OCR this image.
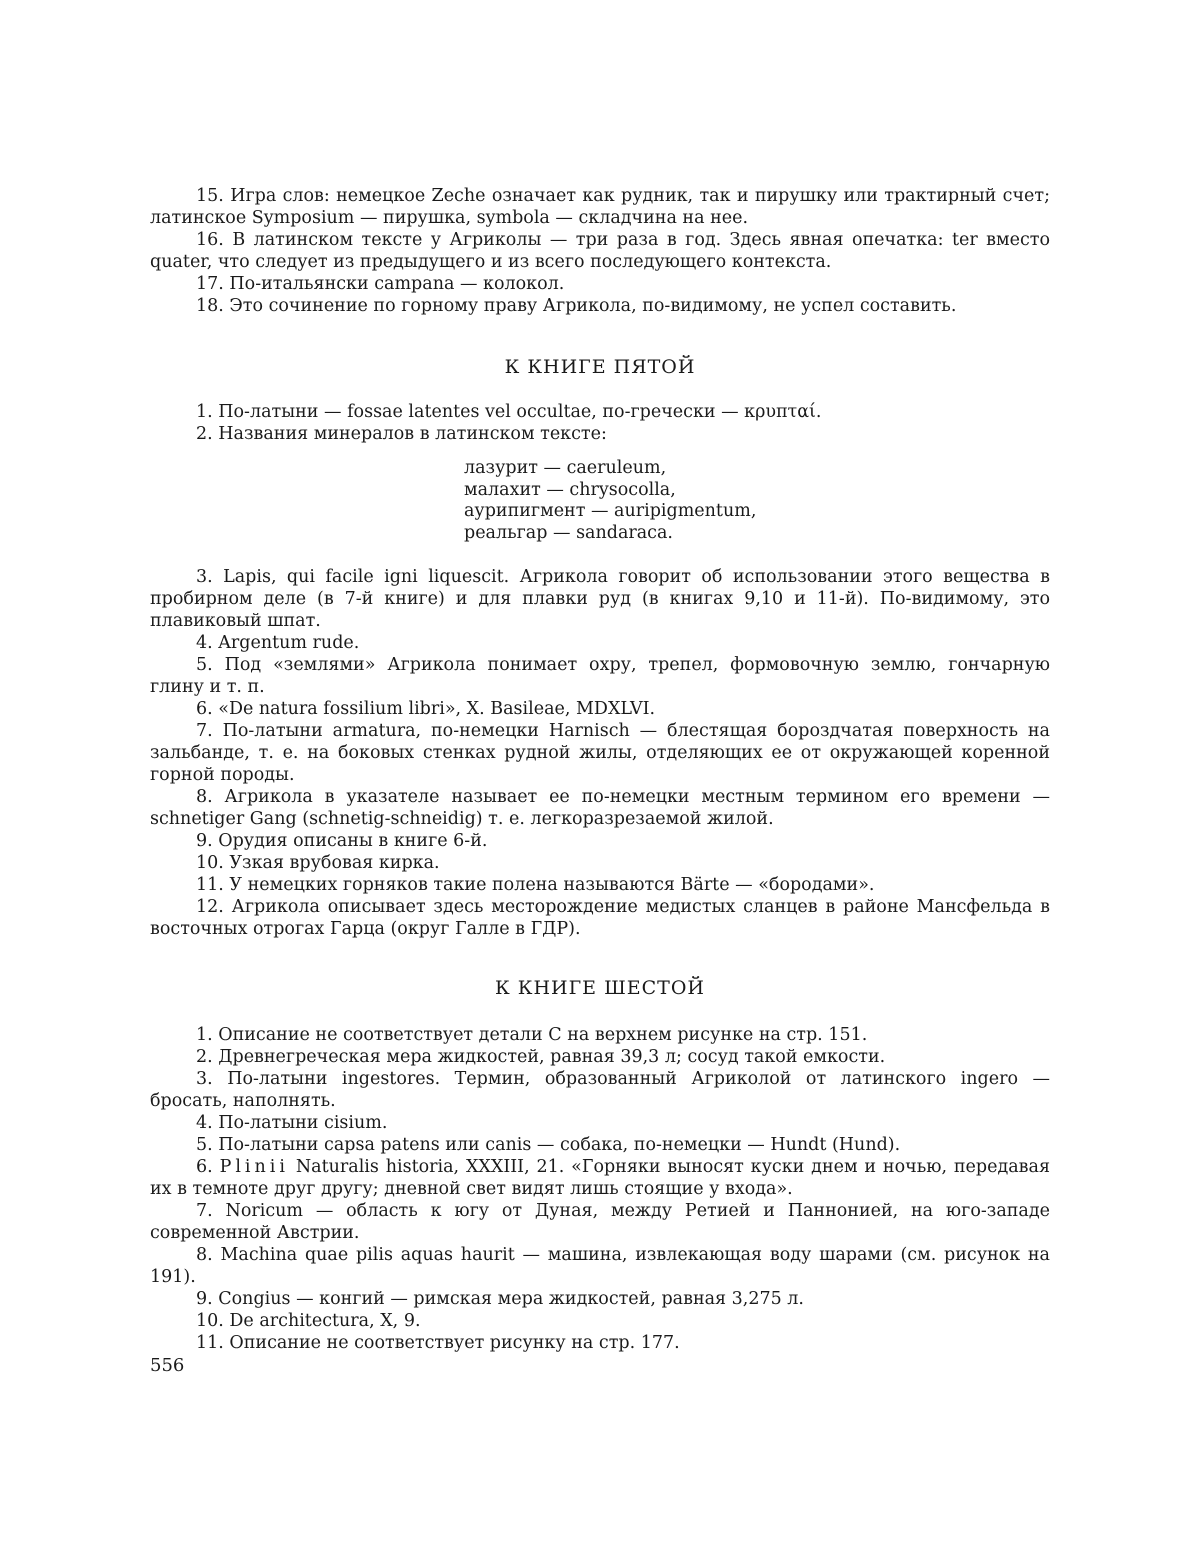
15. Игра слов: немецкое Zeche означает как рудник, так и пирушку или трактирный счет; латинское Symposium — пирушка, symbola — складчина на нее.

16. В латинском тексте у Агриколы — три раза в год. Здесь явная опечатка: ter вместо quater, что следует из предыдущего и из всего последующего контекста.

17. По-итальянски campana — колокол.

18. Это сочинение по горному праву Агрикола, по-видимому, не успел составить.

К КНИГЕ ПЯТОЙ

1. По-латыни — fossae latentes vel occultae, по-гречески — κρυπταί.

2. Названия минералов в латинском тексте:

лазурит — caeruleum,

малахит — chrysocolla,

аурипигмент — auripigmentum,

реальгар — sandaraca.

3. Lapis, qui facile igni liquescit. Агрикола говорит об использовании этого вещества в пробирном деле (в 7-й книге) и для плавки руд (в книгах 9,10 и 11-й). По-видимому, это плавиковый шпат.

4. Argentum rude.

5. Под «землями» Агрикола понимает охру, трепел, формовочную землю, гончарную глину и т. п.

6. «De natura fossilium libri», X. Basileae, MDXLVI.

7. По-латыни armatura, по-немецки Harnisch — блестящая бороздчатая поверхность на зальбанде, т. е. на боковых стенках рудной жилы, отделяющих ее от окружающей коренной горной породы.

8. Агрикола в указателе называет ее по-немецки местным термином его времени — schnetiger Gang (schnetig-schneidig) т. е. легкоразрезаемой жилой.

9. Орудия описаны в книге 6-й.

10. Узкая врубовая кирка.

11. У немецких горняков такие полена называются Bärte — «бородами».

12. Агрикола описывает здесь месторождение медистых сланцев в районе Мансфельда в восточных отрогах Гарца (округ Галле в ГДР).

К КНИГЕ ШЕСТОЙ

1. Описание не соответствует детали C на верхнем рисунке на стр. 151.

2. Древнегреческая мера жидкостей, равная 39,3 л; сосуд такой емкости.

3. По-латыни ingestores. Термин, образованный Агриколой от латинского ingero — бросать, наполнять.

4. По-латыни cisium.

5. По-латыни capsa patens или canis — собака, по-немецки — Hundt (Hund).

6. Plinii Naturalis historia, XXXIII, 21. «Горняки выносят куски днем и ночью, передавая их в темноте друг другу; дневной свет видят лишь стоящие у входа».

7. Noricum — область к югу от Дуная, между Ретией и Паннонией, на юго-западе современной Австрии.

8. Machina quae pilis aquas haurit — машина, извлекающая воду шарами (см. рисунок на 191).

9. Congius — конгий — римская мера жидкостей, равная 3,275 л.

10. De architectura, X, 9.

11. Описание не соответствует рисунку на стр. 177.

556
